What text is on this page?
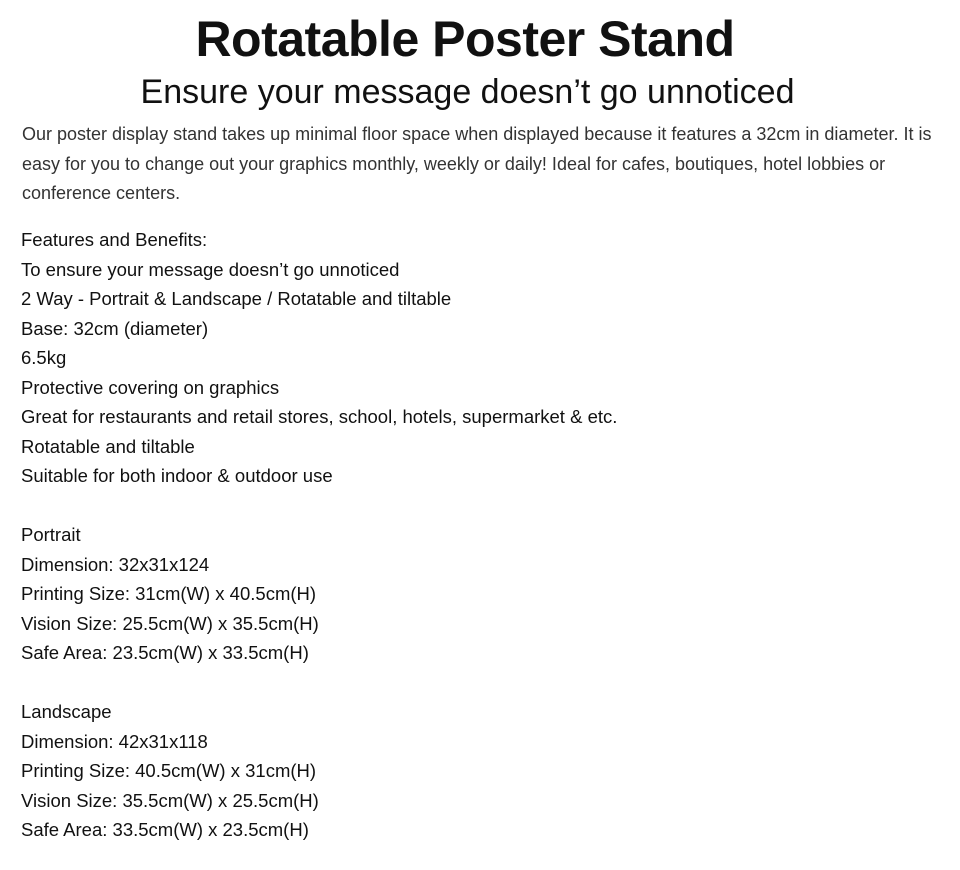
Rotatable Poster Stand
Ensure your message doesn’t go unnoticed

Our poster display stand takes up minimal floor space when displayed because it features a 32cm in diameter. It is easy for you to change out your graphics monthly, weekly or daily! Ideal for cafes, boutiques, hotel lobbies or conference centers.

Features and Benefits:
To ensure your message doesn’t go unnoticed
2 Way - Portrait & Landscape / Rotatable and tiltable
Base: 32cm (diameter)
6.5kg
Protective covering on graphics
Great for restaurants and retail stores, school, hotels, supermarket & etc.
Rotatable and tiltable
Suitable for both indoor & outdoor use
Portrait
Dimension: 32x31x124
Printing Size: 31cm(W) x 40.5cm(H)
Vision Size: 25.5cm(W) x 35.5cm(H)
Safe Area: 23.5cm(W) x 33.5cm(H)
Landscape
Dimension: 42x31x118
Printing Size: 40.5cm(W) x 31cm(H)
Vision Size: 35.5cm(W) x 25.5cm(H)
Safe Area: 33.5cm(W) x 23.5cm(H)
